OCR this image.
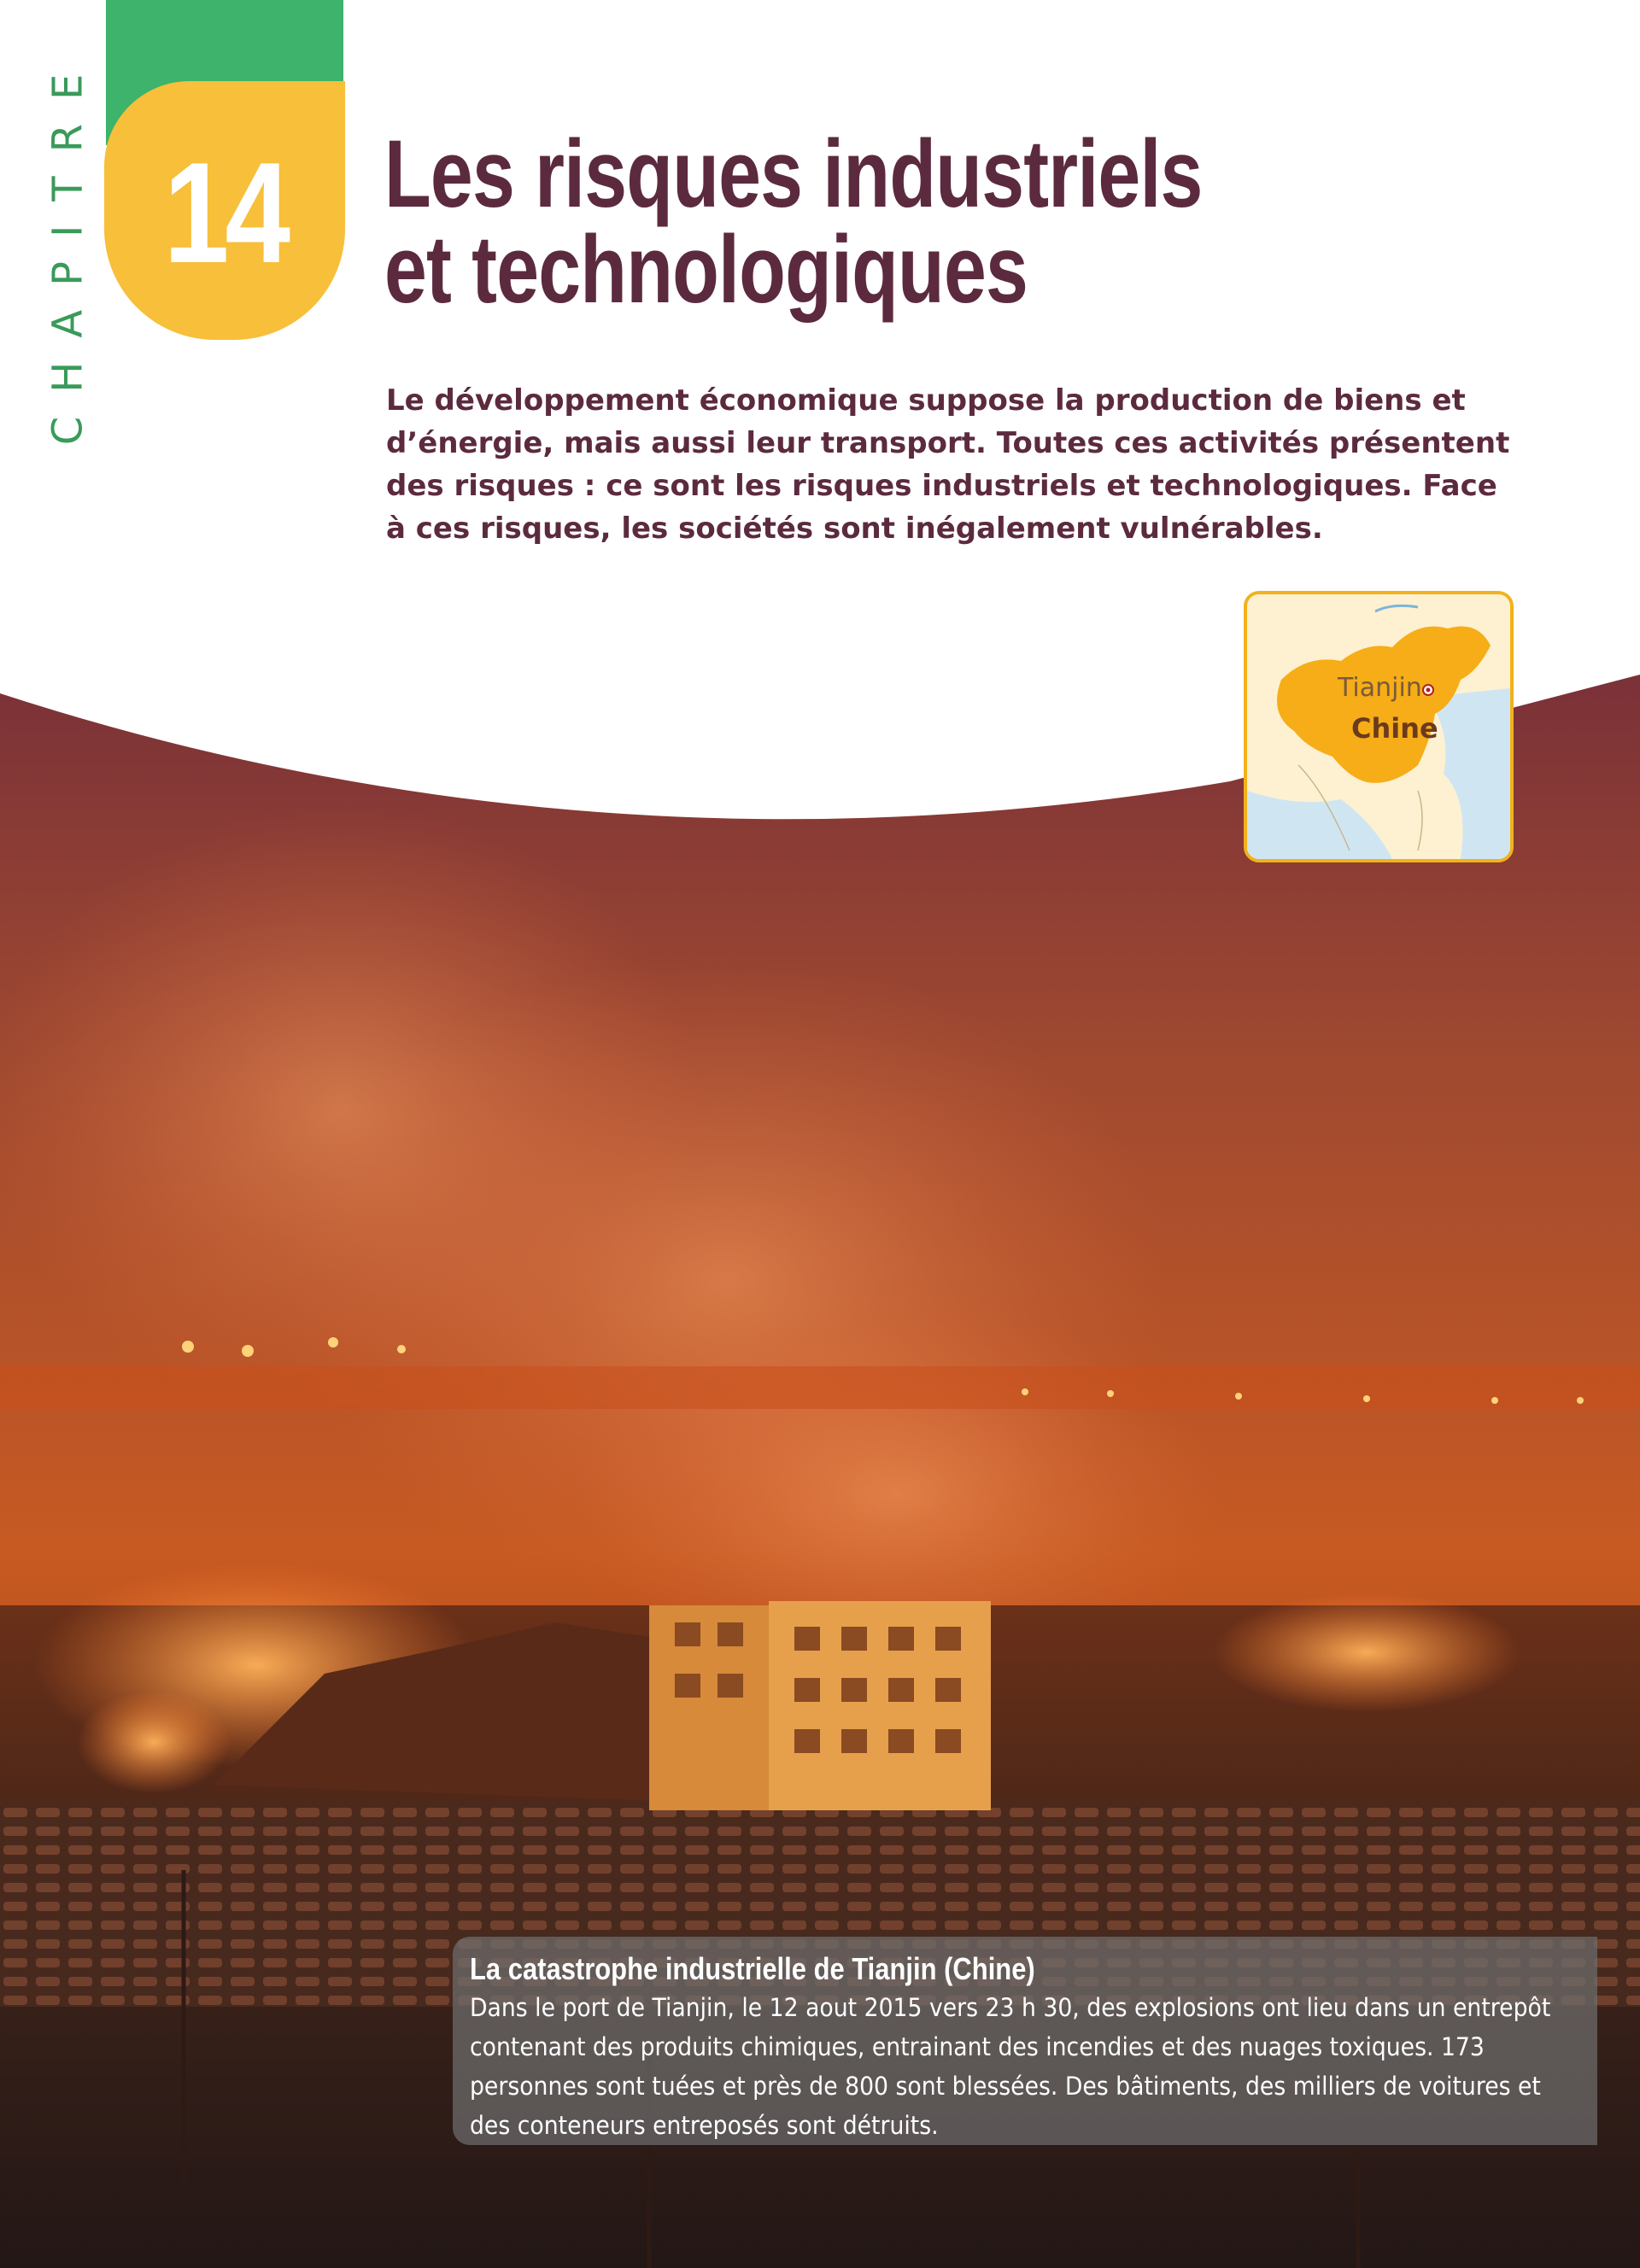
CHAPITRE 14 Les risques industriels
et technologiques

Le développement économique suppose la production de biens et d’énergie, mais aussi leur transport. Toutes ces activités présentent des risques : ce sont les risques industriels et technologiques. Face à ces risques, les sociétés sont inégalement vulnérables.

Tianjin
Chine

La catastrophe industrielle de Tianjin (Chine)

Dans le port de Tianjin, le 12 aout 2015 vers 23 h 30, des explosions ont lieu dans un entrepôt contenant des produits chimiques, entrainant des incendies et des nuages toxiques. 173 personnes sont tuées et près de 800 sont blessées. Des bâtiments, des milliers de voitures et des conteneurs entreposés sont détruits.
